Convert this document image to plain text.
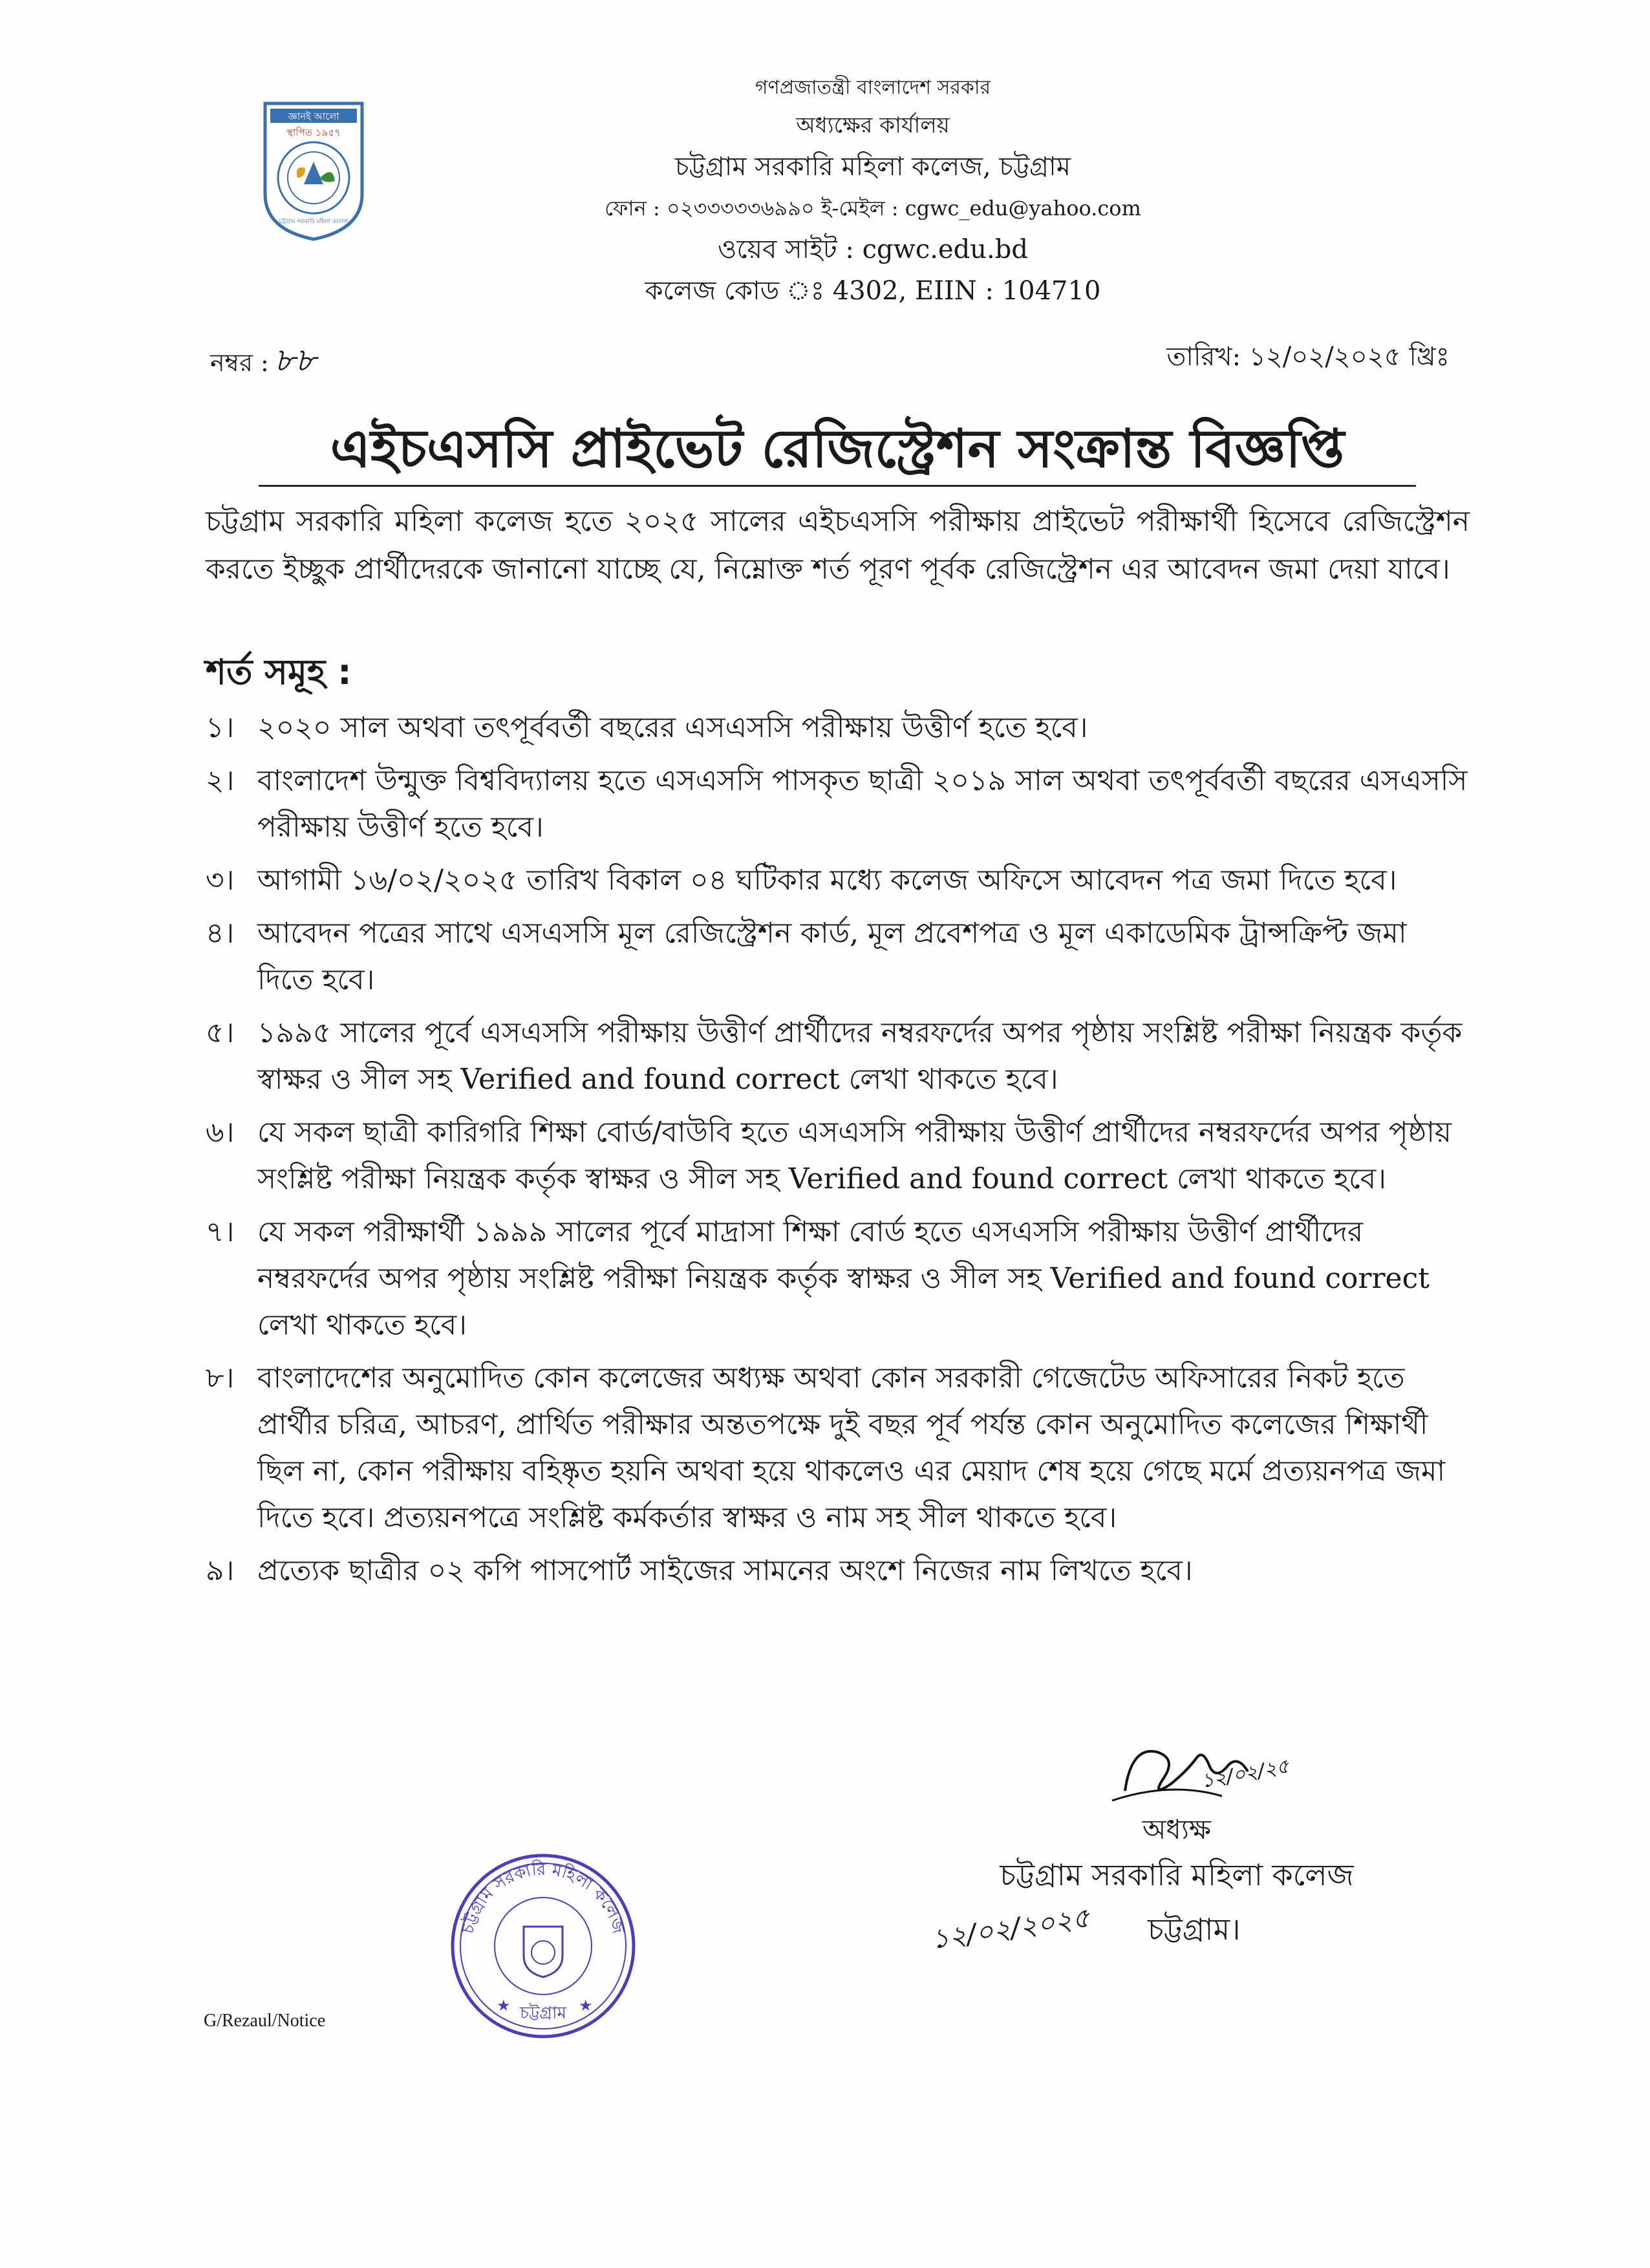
জ্ঞানই আলো
স্থাপিত ১৯৫৭
চট্টগ্রাম সরকারি মহিলা কলেজ
গণপ্রজাতন্ত্রী বাংলাদেশ সরকার
অধ্যক্ষের কার্যালয়
চট্টগ্রাম সরকারি মহিলা কলেজ, চট্টগ্রাম
ফোন : ০২৩৩৩৩৩৬৯৯০ ই-মেইল : cgwc_edu@yahoo.com
ওয়েব সাইট : cgwc.edu.bd
কলেজ কোড ঃ 4302, EIIN : 104710
নম্বর : ৮৮	তারিখ: ১২/০২/২০২৫ খ্রিঃ
এইচএসসি প্রাইভেট রেজিস্ট্রেশন সংক্রান্ত বিজ্ঞপ্তি
চট্টগ্রাম সরকারি মহিলা কলেজ হতে ২০২৫ সালের এইচএসসি পরীক্ষায় প্রাইভেট পরীক্ষার্থী হিসেবে রেজিস্ট্রেশন করতে ইচ্ছুক প্রার্থীদেরকে জানানো যাচ্ছে যে, নিম্নোক্ত শর্ত পূরণ পূর্বক রেজিস্ট্রেশন এর আবেদন জমা দেয়া যাবে।
শর্ত সমূহ :
১। ২০২০ সাল অথবা তৎপূর্ববর্তী বছরের এসএসসি পরীক্ষায় উত্তীর্ণ হতে হবে।
২। বাংলাদেশ উন্মুক্ত বিশ্ববিদ্যালয় হতে এসএসসি পাসকৃত ছাত্রী ২০১৯ সাল অথবা তৎপূর্ববর্তী বছরের এসএসসি পরীক্ষায় উত্তীর্ণ হতে হবে।
৩। আগামী ১৬/০২/২০২৫ তারিখ বিকাল ০৪ ঘটিকার মধ্যে কলেজ অফিসে আবেদন পত্র জমা দিতে হবে।
৪। আবেদন পত্রের সাথে এসএসসি মূল রেজিস্ট্রেশন কার্ড, মূল প্রবেশপত্র ও মূল একাডেমিক ট্রান্সক্রিপ্ট জমা দিতে হবে।
৫। ১৯৯৫ সালের পূর্বে এসএসসি পরীক্ষায় উত্তীর্ণ প্রার্থীদের নম্বরফর্দের অপর পৃষ্ঠায় সংশ্লিষ্ট পরীক্ষা নিয়ন্ত্রক কর্তৃক স্বাক্ষর ও সীল সহ Verified and found correct লেখা থাকতে হবে।
৬। যে সকল ছাত্রী কারিগরি শিক্ষা বোর্ড/বাউবি হতে এসএসসি পরীক্ষায় উত্তীর্ণ প্রার্থীদের নম্বরফর্দের অপর পৃষ্ঠায় সংশ্লিষ্ট পরীক্ষা নিয়ন্ত্রক কর্তৃক স্বাক্ষর ও সীল সহ Verified and found correct লেখা থাকতে হবে।
৭। যে সকল পরীক্ষার্থী ১৯৯৯ সালের পূর্বে মাদ্রাসা শিক্ষা বোর্ড হতে এসএসসি পরীক্ষায় উত্তীর্ণ প্রার্থীদের নম্বরফর্দের অপর পৃষ্ঠায় সংশ্লিষ্ট পরীক্ষা নিয়ন্ত্রক কর্তৃক স্বাক্ষর ও সীল সহ Verified and found correct লেখা থাকতে হবে।
৮। বাংলাদেশের অনুমোদিত কোন কলেজের অধ্যক্ষ অথবা কোন সরকারী গেজেটেড অফিসারের নিকট হতে প্রার্থীর চরিত্র, আচরণ, প্রার্থিত পরীক্ষার অন্ততপক্ষে দুই বছর পূর্ব পর্যন্ত কোন অনুমোদিত কলেজের শিক্ষার্থী ছিল না, কোন পরীক্ষায় বহিষ্কৃত হয়নি অথবা হয়ে থাকলেও এর মেয়াদ শেষ হয়ে গেছে মর্মে প্রত্যয়নপত্র জমা দিতে হবে। প্রত্যয়নপত্রে সংশ্লিষ্ট কর্মকর্তার স্বাক্ষর ও নাম সহ সীল থাকতে হবে।
৯। প্রত্যেক ছাত্রীর ০২ কপি পাসপোর্ট সাইজের সামনের অংশে নিজের নাম লিখতে হবে।
১২/০২/২৫
অধ্যক্ষ
চট্টগ্রাম সরকারি মহিলা কলেজ
১২/০২/২০২৫ চট্টগ্রাম।
চট্টগ্রাম সরকারি মহিলা কলেজ
চট্টগ্রাম
★	★
G/Rezaul/Notice
